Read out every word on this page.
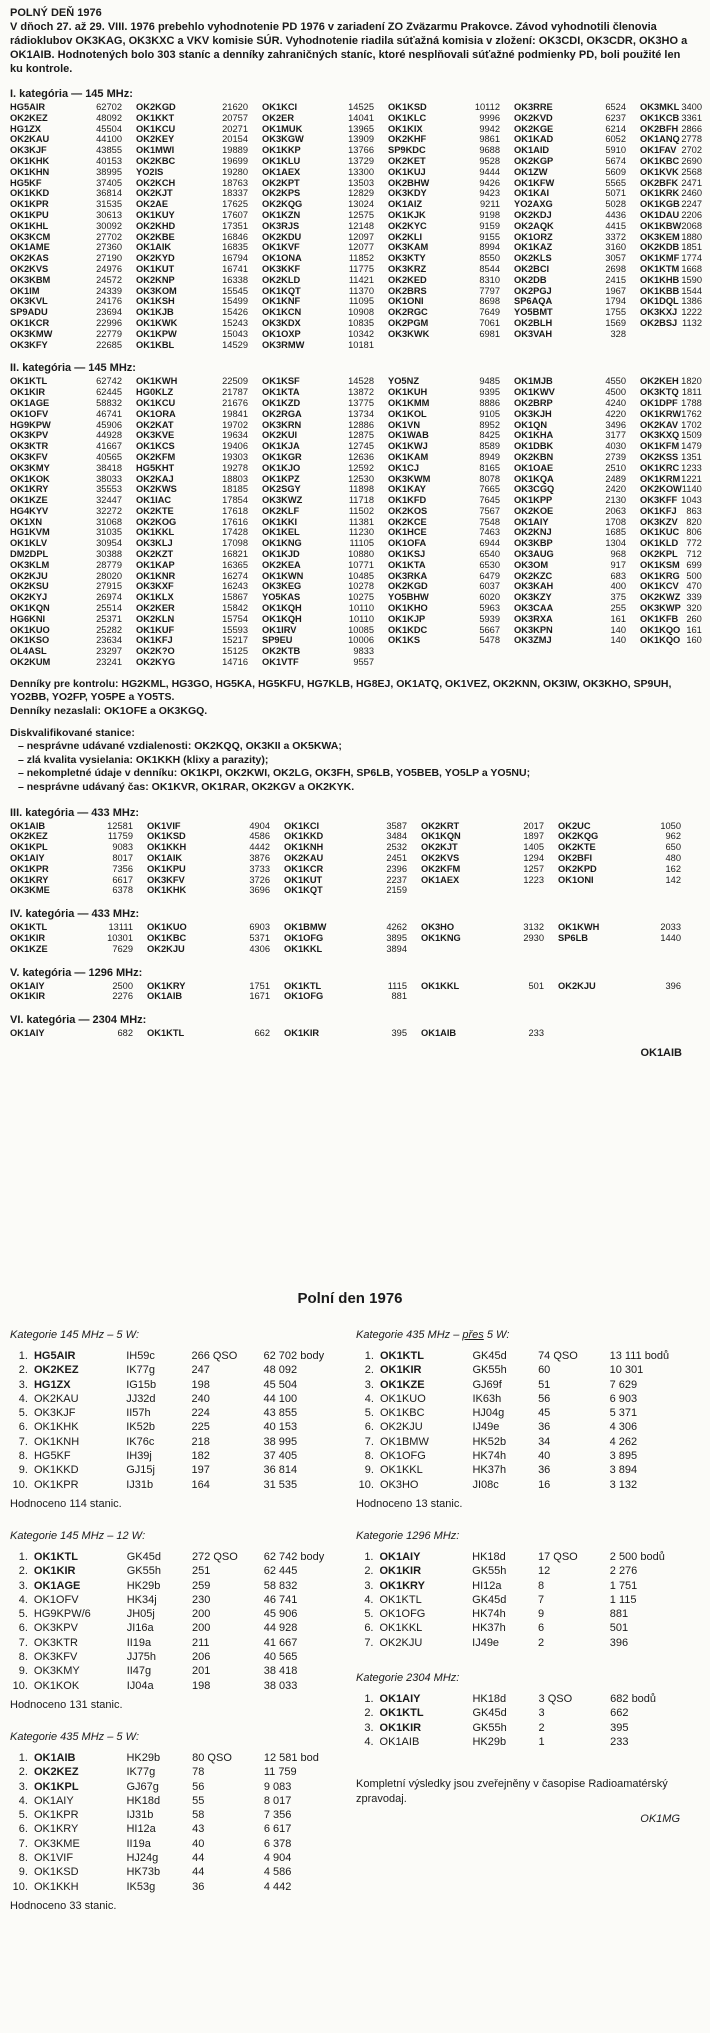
POLNÝ DEŇ 1976
V dňoch 27. až 29. VIII. 1976 prebehlo vyhodnotenie PD 1976 v zariadení ZO Zväzarmu Prakovce. Závod vyhodnotili členovia rádioklubov OK3KAG, OK3KXC a VKV komisie SÚR. Vyhodnotenie riadila súťažná komisia v zložení: OK3CDI, OK3CDR, OK3HO a OK1AIB. Hodnotených bolo 303 staníc a denníky zahraničných staníc, ktoré nesplňovali súťažné podmienky PD, boli použité len ku kontrole.
I. kategória — 145 MHz:
HG5AIR	62702	OK2KGD	21620	OK1KCI	14525	OK1KSD	10112	OK3RRE	6524	OK3MKL 3400
OK2KEZ	48092	OK1KKT	20757	OK2ER	14041	OK1KLC	9996	OK2KVD	6237	OK1KCB 3361
HG1ZX	45504	OK1KCU	20271	OK1MUK	13965	OK1KIX	9942	OK2KGE	6214	OK2BFH 2866
OK2KAU	44100	OK2KEY	20154	OK3KGW	13909	OK2KHF	9861	OK1KAD	6052	OK1ANQ 2778
OK3KJF	43855	OK1MWI	19889	OK1KKP	13766	SP9KDC	9688	OK1AID	5910	OK1FAV 2702
OK1KHK	40153	OK2KBC	19699	OK1KLU	13729	OK2KET	9528	OK2KGP	5674	OK1KBC 2690
OK1KHN	38995	YO2IS	19280	OK1AEX	13300	OK1KUJ	9444	OK1ZW	5609	OK1KVK 2568
HG5KF	37405	OK2KCH	18763	OK2KPT	13503	OK2BHW	9426	OK1KFW	5565	OK2BFK 2471
OK1KKD	36814	OK2KJT	18337	OK2KPS	12829	OK3KDY	9423	OK1KAI	5071	OK1KRK 2460
OK1KPR	31535	OK2AE	17625	OK2KQG	13024	OK1AIZ	9211	YO2AXG	5028	OK1KGB 2247
OK1KPU	30613	OK1KUY	17607	OK1KZN	12575	OK1KJK	9198	OK2KDJ	4436	OK1DAU 2206
OK1KHL	30092	OK2KHD	17351	OK3RJS	12148	OK2KYC	9159	OK2AQK	4415	OK1KBW 2068
OK3KCM	27702	OK2KBE	16846	OK2KDU	12097	OK2KLI	9155	OK1ORZ	3372	OK3KEM 1880
OK1AME	27360	OK1AIK	16835	OK1KVF	12077	OK3KAM	8994	OK1KAZ	3160	OK2KDB 1851
OK2KAS	27190	OK2KYD	16794	OK1ONA	11852	OK3KTY	8550	OK2KLS	3057	OK1KMF 1774
OK2KVS	24976	OK1KUT	16741	OK3KKF	11775	OK3KRZ	8544	OK2BCI	2698	OK1KTM 1668
OK3KBM	24572	OK2KNP	16338	OK2KLD	11421	OK2KED	8310	OK2DB	2415	OK1KHB 1590
OK1IM	24339	OK3KOM	15545	OK1KQT	11370	OK2BRS	7797	OK2PGJ	1967	OK1KBB 1544
OK3KVL	24176	OK1KSH	15499	OK1KNF	11095	OK1ONI	8698	SP6AQA	1794	OK1DQL 1386
SP9ADU	23694	OK1KJB	15426	OK1KCN	10908	OK2RGC	7649	YO5BMT	1755	OK3KXJ 1222
OK1KCR	22996	OK1KWK	15243	OK3KDX	10835	OK2PGM	7061	OK2BLH	1569	OK2BSJ 1132
OK3KMW	22779	OK1KPW	15043	OK1OXP	10342	OK3KWK	6981	OK3VAH	328
OK3KFY	22685	OK1KBL	14529	OK3RMW	10181
II. kategória — 145 MHz:
OK1KTL	62742	OK1KWH	22509	OK1KSF	14528	YO5NZ	9485	OK1MJB	4550	OK2KEH 1820
OK1KIR	62445	HG0KLZ	21787	OK1KTA	13872	OK1KUH	9395	OK1KWV	4500	OK3KTQ 1811
OK1AGE	58832	OK1KCU	21676	OK1KZD	13775	OK1KMM	8886	OK2BRP	4240	OK1DPF 1788
OK1OFV	46741	OK1ORA	19841	OK2RGA	13734	OK1KOL	9105	OK3KJH	4220	OK1KRW 1762
HG9KPW	45906	OK2KAT	19702	OK3KRN	12886	OK1VN	8952	OK1QN	3496	OK2KAV 1702
OK3KPV	44928	OK3KVE	19634	OK2KUI	12875	OK1WAB	8425	OK1KHA	3177	OK3KXQ 1509
OK3KTR	41667	OK1KCS	19406	OK1KJA	12745	OK1KWJ	8589	OK1DBK	4030	OK1KFM 1479
OK3KFV	40565	OK2KFM	19303	OK1KGR	12636	OK1KAM	8949	OK2KBN	2739	OK2KSS 1351
OK3KMY	38418	HG5KHT	19278	OK1KJO	12592	OK1CJ	8165	OK1OAE	2510	OK1KRC 1233
OK1KOK	38033	OK2KAJ	18803	OK1KPZ	12530	OK3KWM	8078	OK1KQA	2489	OK1KRM 1221
OK1KRY	35553	OK2KWS	18185	OK2SGY	11898	OK1KAY	7665	OK3CGQ	2420	OK2KOW 1140
OK1KZE	32447	OK1IAC	17854	OK3KWZ	11718	OK1KFD	7645	OK1KPP	2130	OK3KFF 1043
HG4KYV	32272	OK2KTE	17618	OK2KLF	11502	OK2KOS	7567	OK2KOE	2063	OK1KFJ 863
OK1XN	31068	OK2KOG	17616	OK1KKI	11381	OK2KCE	7548	OK1AIY	1708	OK3KZV 820
HG1KVM	31035	OK1KKL	17428	OK1KEL	11230	OK1HCE	7463	OK2KNJ	1685	OK1KUC 806
OK1KLV	30954	OK3KLJ	17098	OK1KNG	11105	OK1OFA	6944	OK3KBP	1304	OK1KLD 772
DM2DPL	30388	OK2KZT	16821	OK1KJD	10880	OK1KSJ	6540	OK3AUG	968	OK2KPL 712
OK3KLM	28779	OK1KAP	16365	OK2KEA	10771	OK1KTA	6530	OK3OM	917	OK1KSM 699
OK2KJU	28020	OK1KNR	16274	OK1KWN	10485	OK3RKA	6479	OK2KZC	683	OK1KRG 500
OK2KSU	27915	OK3KXF	16243	OK3KEG	10278	OK2KGD	6037	OK3KAH	400	OK1KCV 470
OK2KYJ	26974	OK1KLX	15867	YO5KAS	10275	YO5BHW	6020	OK3KZY	375	OK2KWZ 339
OK1KQN	25514	OK2KER	15842	OK1KQH	10110	OK1KHO	5963	OK3CAA	255	OK3KWP 320
HG6KNI	25371	OK2KLN	15754	OK1KQH	10110	OK1KJP	5939	OK3RXA	161	OK1KFB 260
OK1KUO	25282	OK1KUF	15593	OK1IRV	10085	OK1KDC	5667	OK3KPN	140	OK1KQO 161
OK1KSO	23634	OK1KFJ	15217	SP9EU	10006	OK1KS	5478	OK3ZMJ	140	OK1KQO 160
OL4ASL	23297	OK2K?O	15125	OK2KTB	9833
OK2KUM	23241	OK2KYG	14716	OK1VTF	9557
Denníky pre kontrolu: HG2KML, HG3GO, HG5KA, HG5KFU, HG7KLB, HG8EJ, OK1ATQ, OK1VEZ, OK2KNN, OK3IW, OK3KHO, SP9UH, YO2BB, YO2FP, YO5PE a YO5TS.
Denníky nezaslali: OK1OFE a OK3KGQ.
Diskvalifikované stanice:
– nesprávne udávané vzdialenosti: OK2KQQ, OK3KII a OK5KWA;
– zlá kvalita vysielania: OK1KKH (klixy a parazity);
– nekompletné údaje v denníku: OK1KPI, OK2KWI, OK2LG, OK3FH, SP6LB, YO5BEB, YO5LP a YO5NU;
– nesprávne udávaný čas: OK1KVR, OK1RAR, OK2KGV a OK2KYK.
III. kategória — 433 MHz:
OK1AIB	12581	OK1VIF	4904	OK1KCI	3587	OK2KRT	2017	OK2UC	1050
OK2KEZ	11759	OK1KSD	4586	OK1KKD	3484	OK1KQN	1897	OK2KQG	962
OK1KPL	9083	OK1KKH	4442	OK1KNH	2532	OK2KJT	1405	OK2KTE	650
OK1AIY	8017	OK1AIK	3876	OK2KAU	2451	OK2KVS	1294	OK2BFI	480
OK1KPR	7356	OK1KPU	3733	OK1KCR	2396	OK2KFM	1257	OK2KPD	162
OK1KRY	6617	OK3KFV	3726	OK1KUT	2237	OK1AEX	1223	OK1ONI	142
OK3KME	6378	OK1KHK	3696	OK1KQT	2159
IV. kategória — 433 MHz:
OK1KTL	13111	OK1KUO	6903	OK1BMW	4262	OK3HO	3132	OK1KWH	2033
OK1KIR	10301	OK1KBC	5371	OK1OFG	3895	OK1KNG	2930	SP6LB	1440
OK1KZE	7629	OK2KJU	4306	OK1KKL	3894
V. kategória — 1296 MHz:
OK1AIY	2500	OK1KRY	1751	OK1KTL	1115	OK1KKL	501	OK2KJU	396
OK1KIR	2276	OK1AIB	1671	OK1OFG	881
VI. kategória — 2304 MHz:
OK1AIY	682	OK1KTL	662	OK1KIR	395	OK1AIB	233
OK1AIB
Polní den 1976
Kategorie 145 MHz – 5 W:
1.	HG5AIR	IH59c	266 QSO	62 702 body
2.	OK2KEZ	IK77g	247	48 092
3.	HG1ZX	IG15b	198	45 504
4.	OK2KAU	JJ32d	240	44 100
5.	OK3KJF	II57h	224	43 855
6.	OK1KHK	IK52b	225	40 153
7.	OK1KNH	IK76c	218	38 995
8.	HG5KF	IH39j	182	37 405
9.	OK1KKD	GJ15j	197	36 814
10.	OK1KPR	IJ31b	164	31 535
Hodnoceno 114 stanic.
Kategorie 145 MHz – 12 W:
1.	OK1KTL	GK45d	272 QSO	62 742 body
2.	OK1KIR	GK55h	251	62 445
3.	OK1AGE	HK29b	259	58 832
4.	OK1OFV	HK34j	230	46 741
5.	HG9KPW/6	JH05j	200	45 906
6.	OK3KPV	JI16a	200	44 928
7.	OK3KTR	II19a	211	41 667
8.	OK3KFV	JJ75h	206	40 565
9.	OK3KMY	II47g	201	38 418
10.	OK1KOK	IJ04a	198	38 033
Hodnoceno 131 stanic.
Kategorie 435 MHz – 5 W:
1.	OK1AIB	HK29b	80 QSO	12 581 bod
2.	OK2KEZ	IK77g	78	11 759
3.	OK1KPL	GJ67g	56	9 083
4.	OK1AIY	HK18d	55	8 017
5.	OK1KPR	IJ31b	58	7 356
6.	OK1KRY	HI12a	43	6 617
7.	OK3KME	II19a	40	6 378
8.	OK1VIF	HJ24g	44	4 904
9.	OK1KSD	HK73b	44	4 586
10.	OK1KKH	IK53g	36	4 442
Hodnoceno 33 stanic.
Kategorie 435 MHz – přes 5 W:
1.	OK1KTL	GK45d	74 QSO	13 111 bodů
2.	OK1KIR	GK55h	60	10 301
3.	OK1KZE	GJ69f	51	7 629
4.	OK1KUO	IK63h	56	6 903
5.	OK1KBC	HJ04g	45	5 371
6.	OK2KJU	IJ49e	36	4 306
7.	OK1BMW	HK52b	34	4 262
8.	OK1OFG	HK74h	40	3 895
9.	OK1KKL	HK37h	36	3 894
10.	OK3HO	JI08c	16	3 132
Hodnoceno 13 stanic.
Kategorie 1296 MHz:
1.	OK1AIY	HK18d	17 QSO	2 500 bodů
2.	OK1KIR	GK55h	12	2 276
3.	OK1KRY	HI12a	8	1 751
4.	OK1KTL	GK45d	7	1 115
5.	OK1OFG	HK74h	9	881
6.	OK1KKL	HK37h	6	501
7.	OK2KJU	IJ49e	2	396
Kategorie 2304 MHz:
1.	OK1AIY	HK18d	3 QSO	682 bodů
2.	OK1KTL	GK45d	3	662
3.	OK1KIR	GK55h	2	395
4.	OK1AIB	HK29b	1	233
Kompletní výsledky jsou zveřejněny v časopise Radioamatérský zpravodaj.
OK1MG
